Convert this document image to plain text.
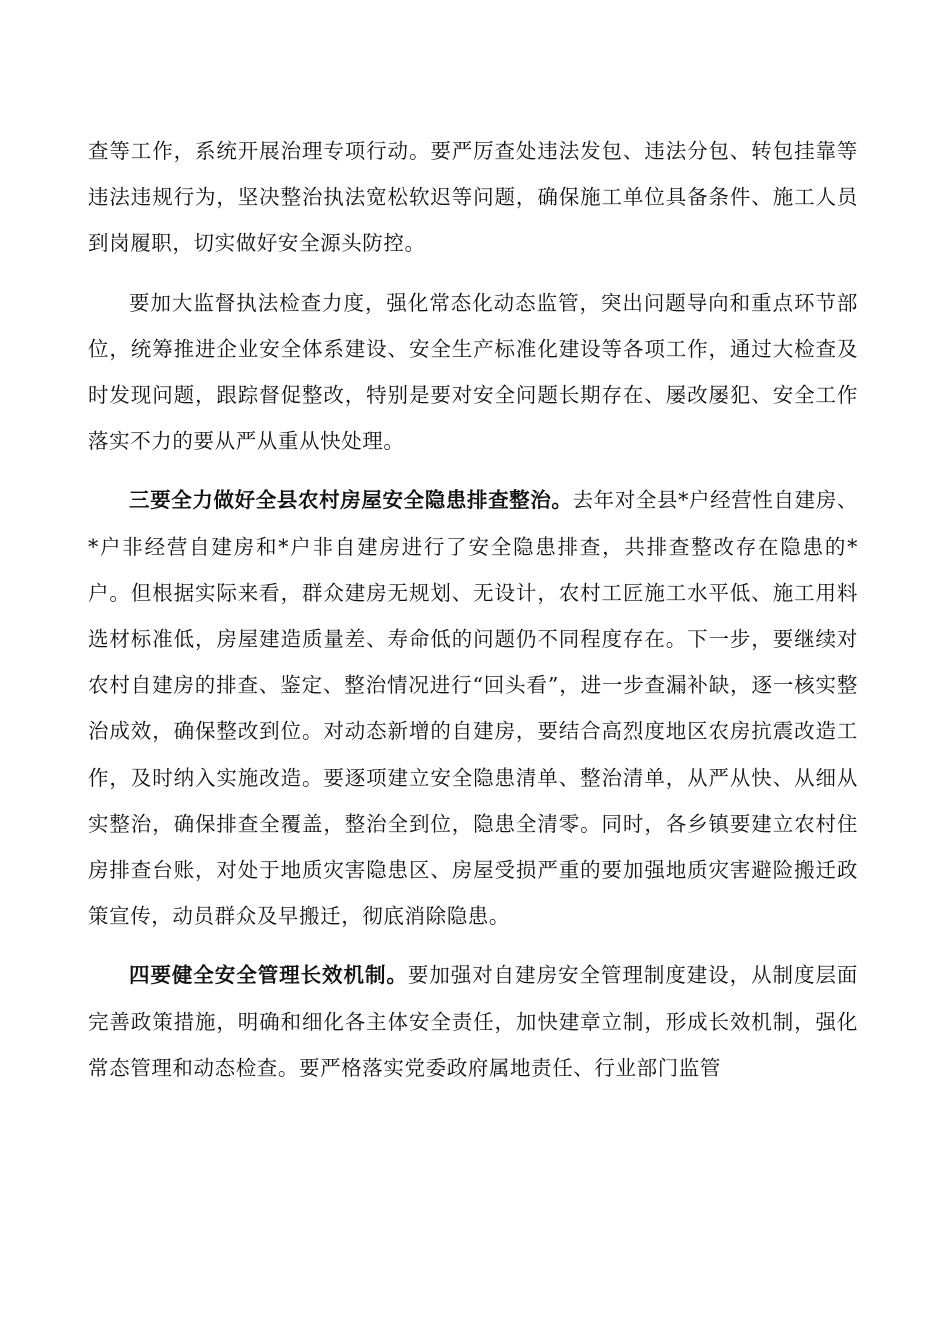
查等工作，系统开展治理专项行动。要严厉查处违法发包、违法分包、转包挂靠等违法违规行为，坚决整治执法宽松软迟等问题，确保施工单位具备条件、施工人员到岗履职，切实做好安全源头防控。

要加大监督执法检查力度，强化常态化动态监管，突出问题导向和重点环节部位，统筹推进企业安全体系建设、安全生产标准化建设等各项工作，通过大检查及时发现问题，跟踪督促整改，特别是要对安全问题长期存在、屡改屡犯、安全工作落实不力的要从严从重从快处理。

三要全力做好全县农村房屋安全隐患排查整治。去年对全县*户经营性自建房、*户非经营自建房和*户非自建房进行了安全隐患排查，共排查整改存在隐患的*户。但根据实际来看，群众建房无规划、无设计，农村工匠施工水平低、施工用料选材标准低，房屋建造质量差、寿命低的问题仍不同程度存在。下一步，要继续对农村自建房的排查、鉴定、整治情况进行“回头看”，进一步查漏补缺，逐一核实整治成效，确保整改到位。对动态新增的自建房，要结合高烈度地区农房抗震改造工作，及时纳入实施改造。要逐项建立安全隐患清单、整治清单，从严从快、从细从实整治，确保排查全覆盖，整治全到位，隐患全清零。同时，各乡镇要建立农村住房排查台账，对处于地质灾害隐患区、房屋受损严重的要加强地质灾害避险搬迁政策宣传，动员群众及早搬迁，彻底消除隐患。

四要健全安全管理长效机制。要加强对自建房安全管理制度建设，从制度层面完善政策措施，明确和细化各主体安全责任，加快建章立制，形成长效机制，强化常态管理和动态检查。要严格落实党委政府属地责任、行业部门监管
